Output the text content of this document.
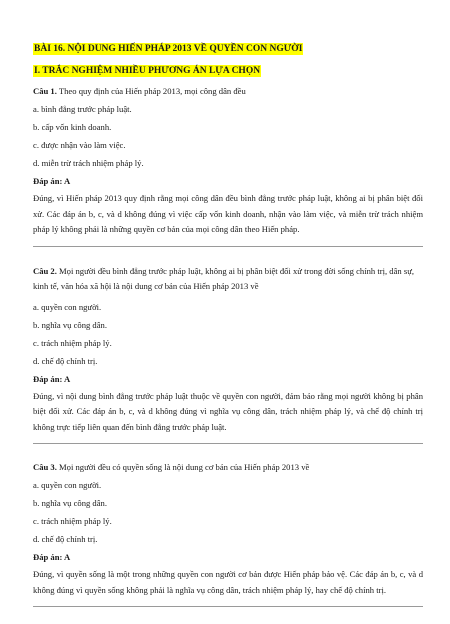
BÀI 16. NỘI DUNG HIẾN PHÁP 2013 VỀ QUYỀN CON NGƯỜI
I. TRẮC NGHIỆM NHIỀU PHƯƠNG ÁN LỰA CHỌN

Câu 1. Theo quy định của Hiến pháp 2013, mọi công dân đều

a. bình đẳng trước pháp luật.

b. cấp vốn kinh doanh.

c. được nhận vào làm việc.

d. miễn trừ trách nhiệm pháp lý.

Đáp án: A

Đúng, vì Hiến pháp 2013 quy định rằng mọi công dân đều bình đẳng trước pháp luật, không ai bị phân biệt đối xử. Các đáp án b, c, và d không đúng vì việc cấp vốn kinh doanh, nhận vào làm việc, và miễn trừ trách nhiệm pháp lý không phải là những quyền cơ bản của mọi công dân theo Hiến pháp.

Câu 2. Mọi người đều bình đẳng trước pháp luật, không ai bị phân biệt đối xử trong đời sống chính trị, dân sự, kinh tế, văn hóa xã hội là nội dung cơ bản của Hiến pháp 2013 về

a. quyền con người.

b. nghĩa vụ công dân.

c. trách nhiệm pháp lý.

d. chế độ chính trị.

Đáp án: A

Đúng, vì nội dung bình đẳng trước pháp luật thuộc về quyền con người, đảm bảo rằng mọi người không bị phân biệt đối xử. Các đáp án b, c, và d không đúng vì nghĩa vụ công dân, trách nhiệm pháp lý, và chế độ chính trị không trực tiếp liên quan đến bình đẳng trước pháp luật.

Câu 3. Mọi người đều có quyền sống là nội dung cơ bản của Hiến pháp 2013 về

a. quyền con người.

b. nghĩa vụ công dân.

c. trách nhiệm pháp lý.

d. chế độ chính trị.

Đáp án: A

Đúng, vì quyền sống là một trong những quyền con người cơ bản được Hiến pháp bảo vệ. Các đáp án b, c, và d không đúng vì quyền sống không phải là nghĩa vụ công dân, trách nhiệm pháp lý, hay chế độ chính trị.
